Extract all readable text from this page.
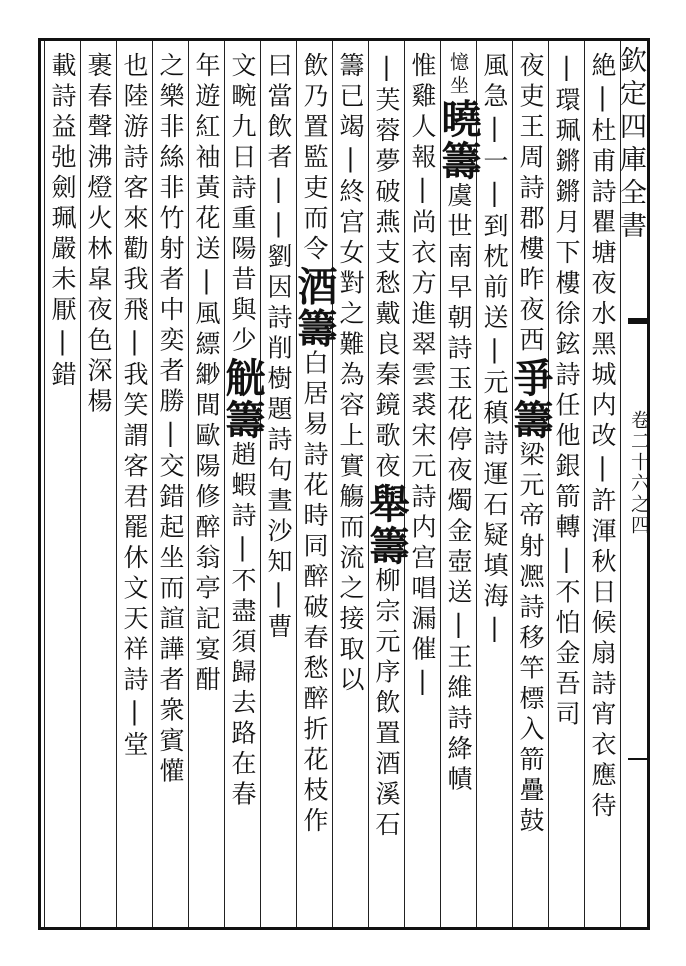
欽定四庫全書
卷二十六之四
絶|杜甫詩瞿塘夜水黑城内改|許渾秋日候扇詩宵衣應待
|環珮鏘鏘月下樓徐鉉詩任他銀箭轉|不怕金吾司
夜吏王周詩郡樓昨夜西爭籌梁元帝射凞詩移竿標入箭疊鼓
風急|一|到枕前送|元稹詩運石疑填海|
憶坐曉籌虞世南早朝詩玉花停夜燭金壺送|王維詩絳幘
惟雞人報|尚衣方進翠雲裘宋元詩内宫唱漏催|
|芙蓉夢破燕支愁戴良秦鏡歌夜舉籌柳宗元序飲置酒溪石
籌已竭|終宫女對之難為容上實觴而流之接取以
飲乃置監吏而令酒籌白居易詩花時同醉破春愁醉折花枝作
曰當飲者||劉因詩削樹題詩句晝沙知|曹
文畹九日詩重陽昔與少觥籌趙蝦詩|不盡須歸去路在春
年遊紅袖黃花送|風縹緲間歐陽修醉翁亭記宴酣
之樂非絲非竹射者中奕者勝|交錯起坐而諠譁者衆賓懽
也陸游詩客來勸我飛|我笑謂客君罷休文天祥詩|堂
裹春聲沸燈火林皐夜色深楊
載詩益弛劍珮嚴未厭|錯
